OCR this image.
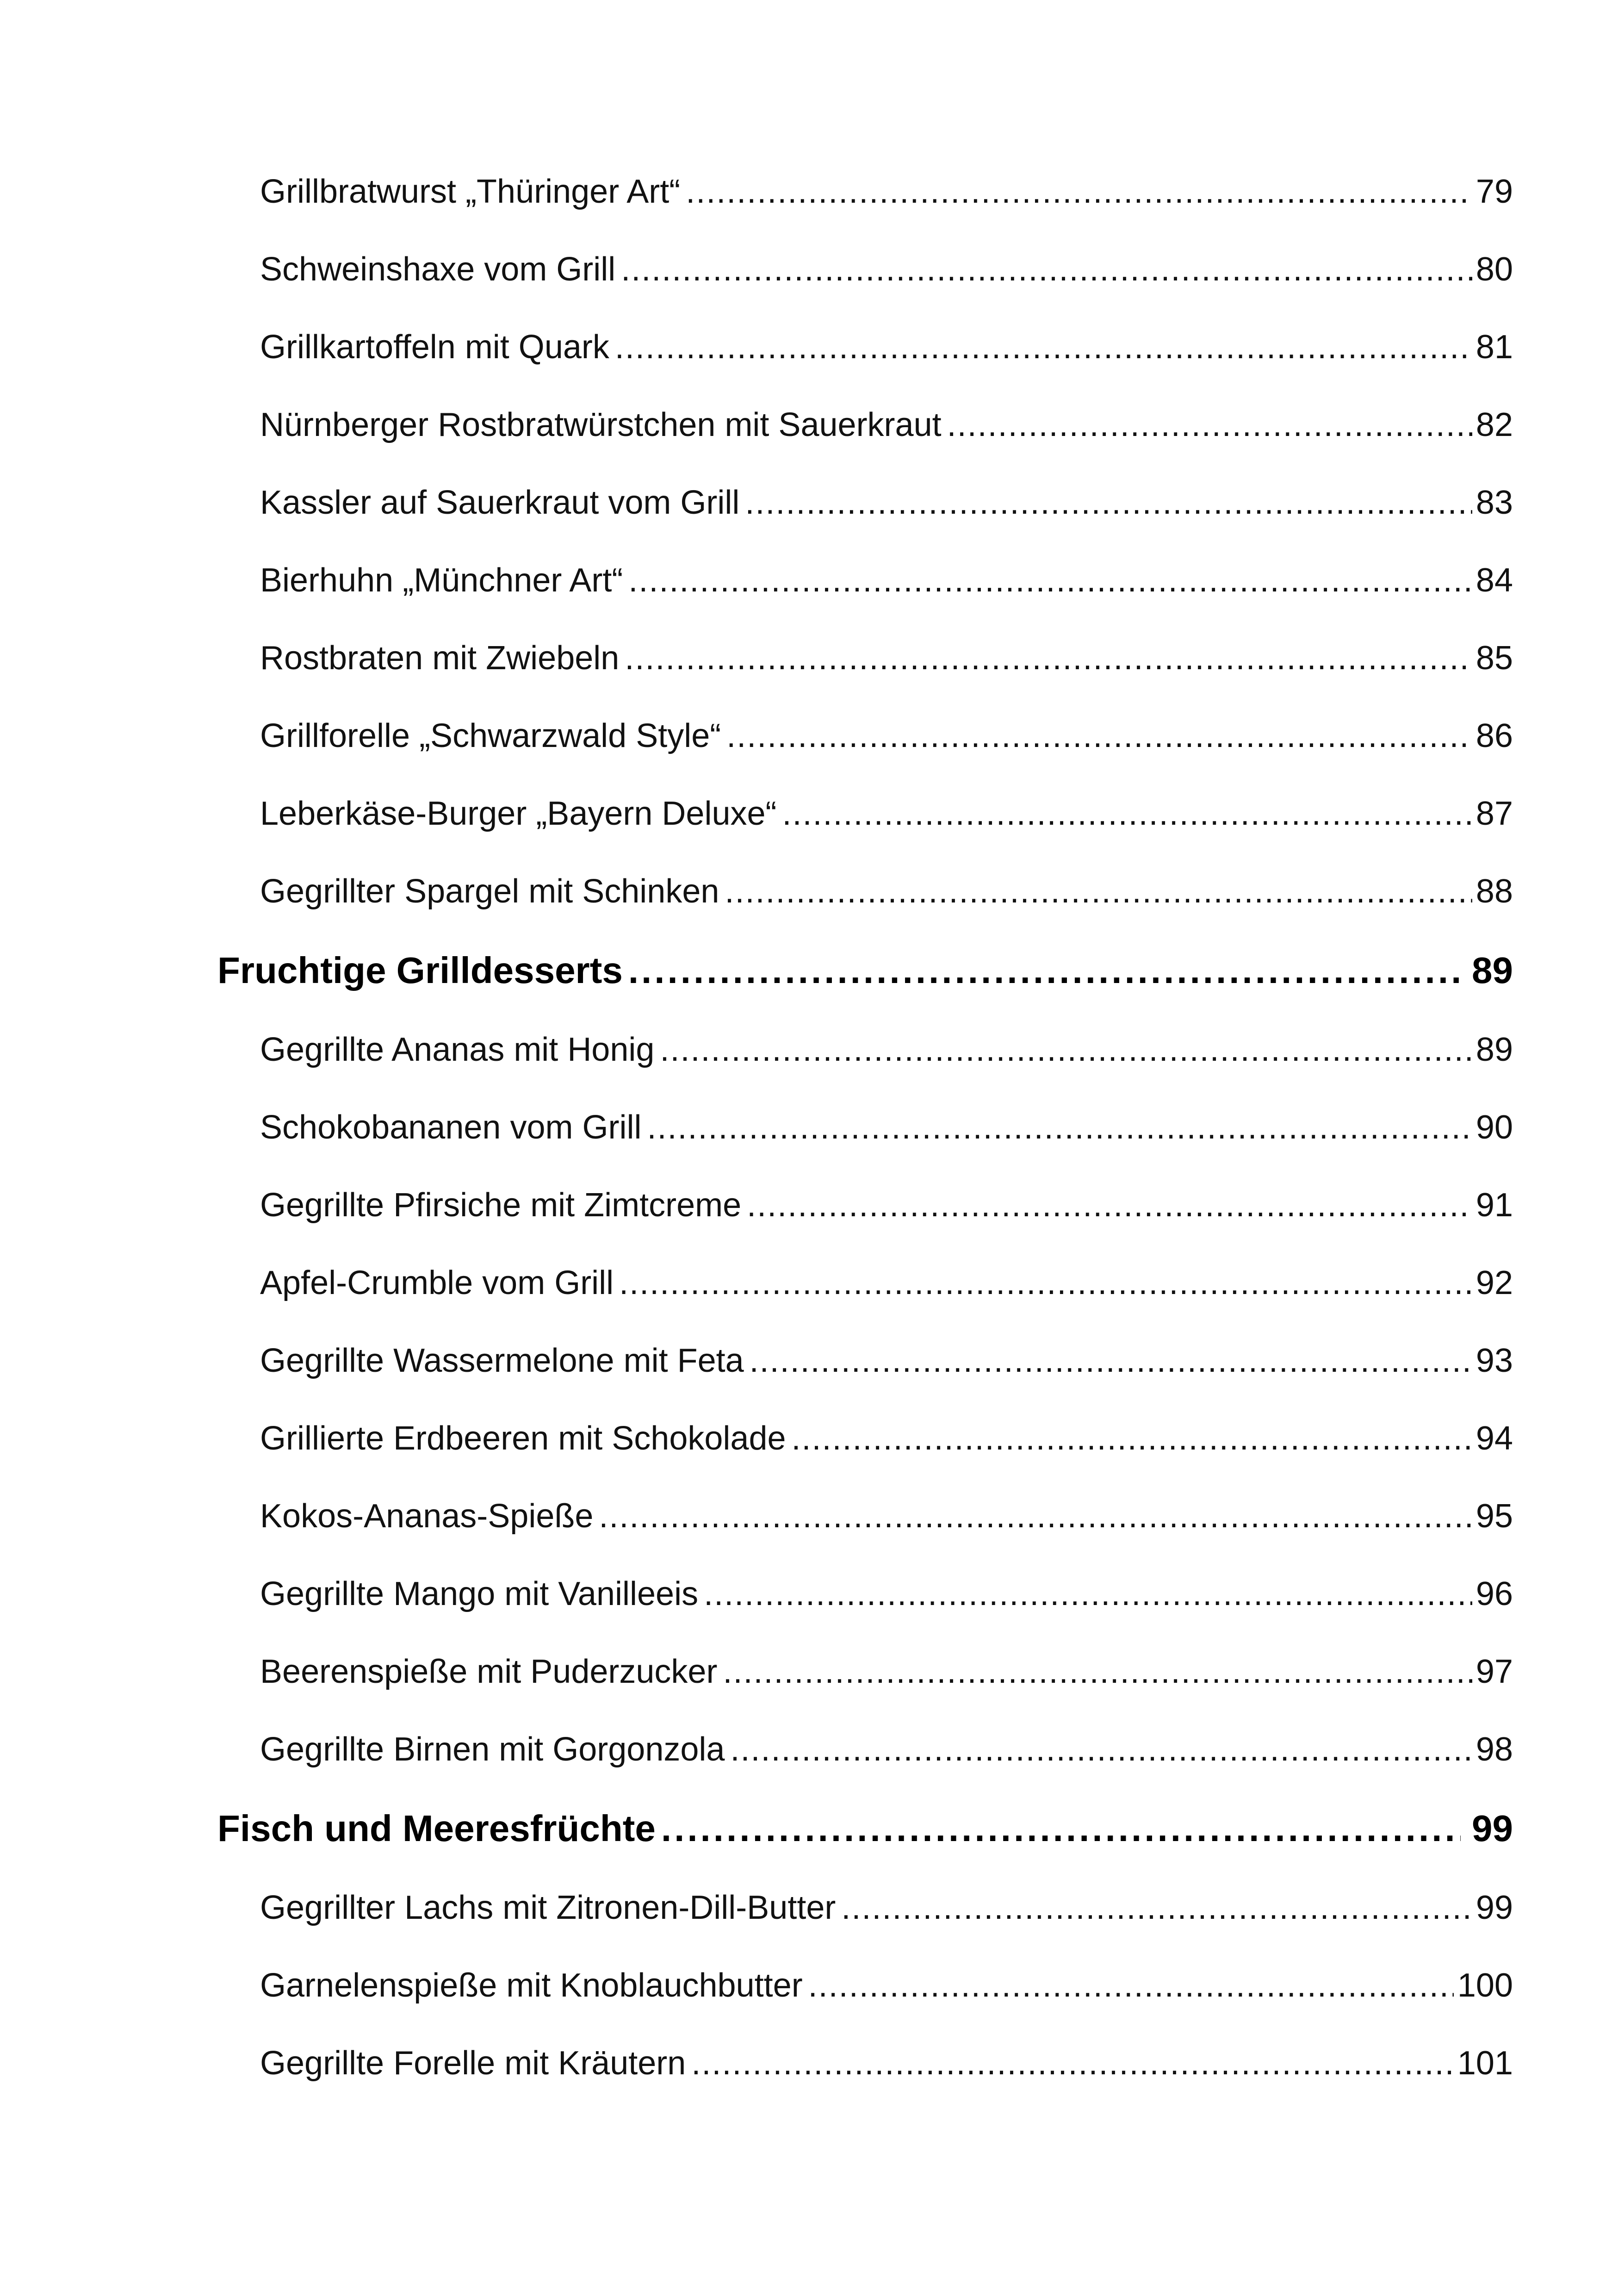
Grillbratwurst „Thüringer Art“ .....	79
Schweinshaxe vom Grill .....	80
Grillkartoffeln mit Quark .....	81
Nürnberger Rostbratwürstchen mit Sauerkraut .....	82
Kassler auf Sauerkraut vom Grill .....	83
Bierhuhn „Münchner Art“ .....	84
Rostbraten mit Zwiebeln .....	85
Grillforelle „Schwarzwald Style“ .....	86
Leberkäse-Burger „Bayern Deluxe“ .....	87
Gegrillter Spargel mit Schinken .....	88
Fruchtige Grilldesserts .....	89
Gegrillte Ananas mit Honig .....	89
Schokobananen vom Grill .....	90
Gegrillte Pfirsiche mit Zimtcreme .....	91
Apfel-Crumble vom Grill .....	92
Gegrillte Wassermelone mit Feta .....	93
Grillierte Erdbeeren mit Schokolade .....	94
Kokos-Ananas-Spieße .....	95
Gegrillte Mango mit Vanilleeis .....	96
Beerenspieße mit Puderzucker .....	97
Gegrillte Birnen mit Gorgonzola .....	98
Fisch und Meeresfrüchte .....	99
Gegrillter Lachs mit Zitronen-Dill-Butter .....	99
Garnelenspieße mit Knoblauchbutter .....	100
Gegrillte Forelle mit Kräutern .....	101
